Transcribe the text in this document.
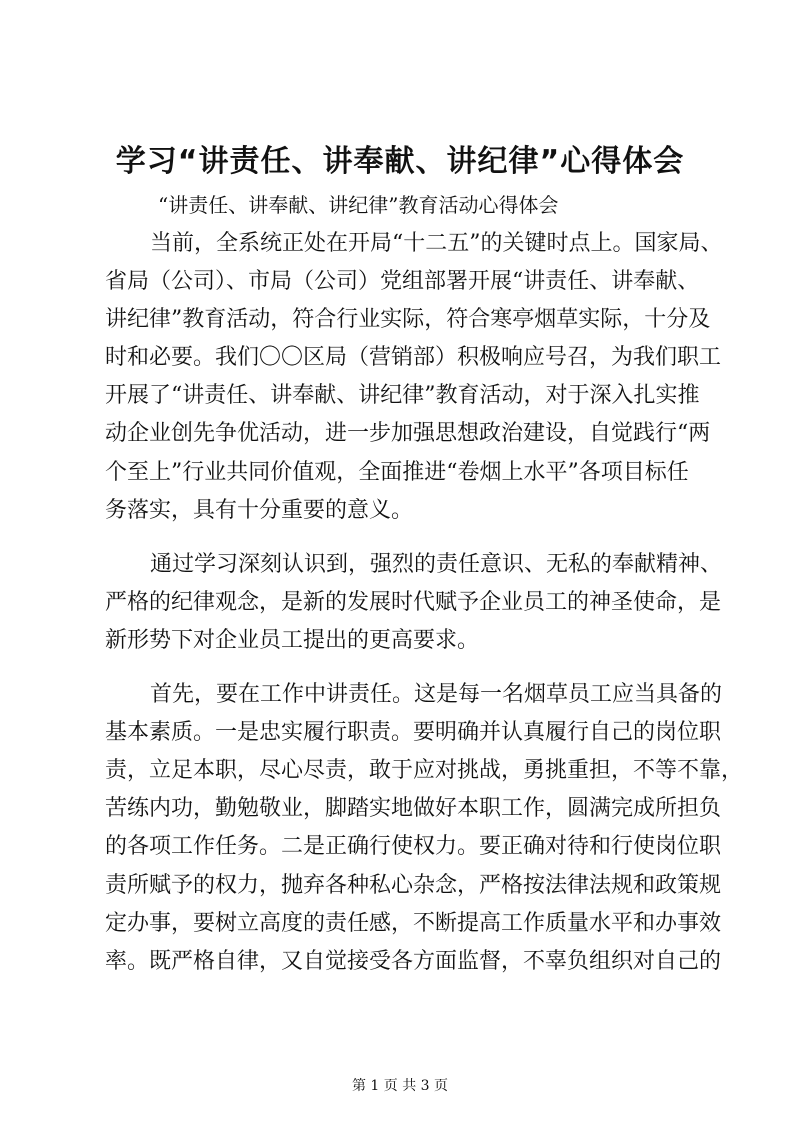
学习“讲责任、讲奉献、讲纪律”心得体会
“讲责任、讲奉献、讲纪律”教育活动心得体会
当前，全系统正处在开局“十二五”的关键时点上。国家局、
省局（公司）、市局（公司）党组部署开展“讲责任、讲奉献、
讲纪律”教育活动，符合行业实际，符合寒亭烟草实际，十分及
时和必要。我们〇〇区局（营销部）积极响应号召，为我们职工
开展了“讲责任、讲奉献、讲纪律”教育活动，对于深入扎实推
动企业创先争优活动，进一步加强思想政治建设，自觉践行“两
个至上”行业共同价值观，全面推进“卷烟上水平”各项目标任
务落实，具有十分重要的意义。
通过学习深刻认识到，强烈的责任意识、无私的奉献精神、
严格的纪律观念，是新的发展时代赋予企业员工的神圣使命，是
新形势下对企业员工提出的更高要求。
首先，要在工作中讲责任。这是每一名烟草员工应当具备的
基本素质。一是忠实履行职责。要明确并认真履行自己的岗位职
责，立足本职，尽心尽责，敢于应对挑战，勇挑重担，不等不靠，
苦练内功，勤勉敬业，脚踏实地做好本职工作，圆满完成所担负
的各项工作任务。二是正确行使权力。要正确对待和行使岗位职
责所赋予的权力，抛弃各种私心杂念，严格按法律法规和政策规
定办事，要树立高度的责任感，不断提高工作质量水平和办事效
率。既严格自律，又自觉接受各方面监督，不辜负组织对自己的
第 1 页 共 3 页
